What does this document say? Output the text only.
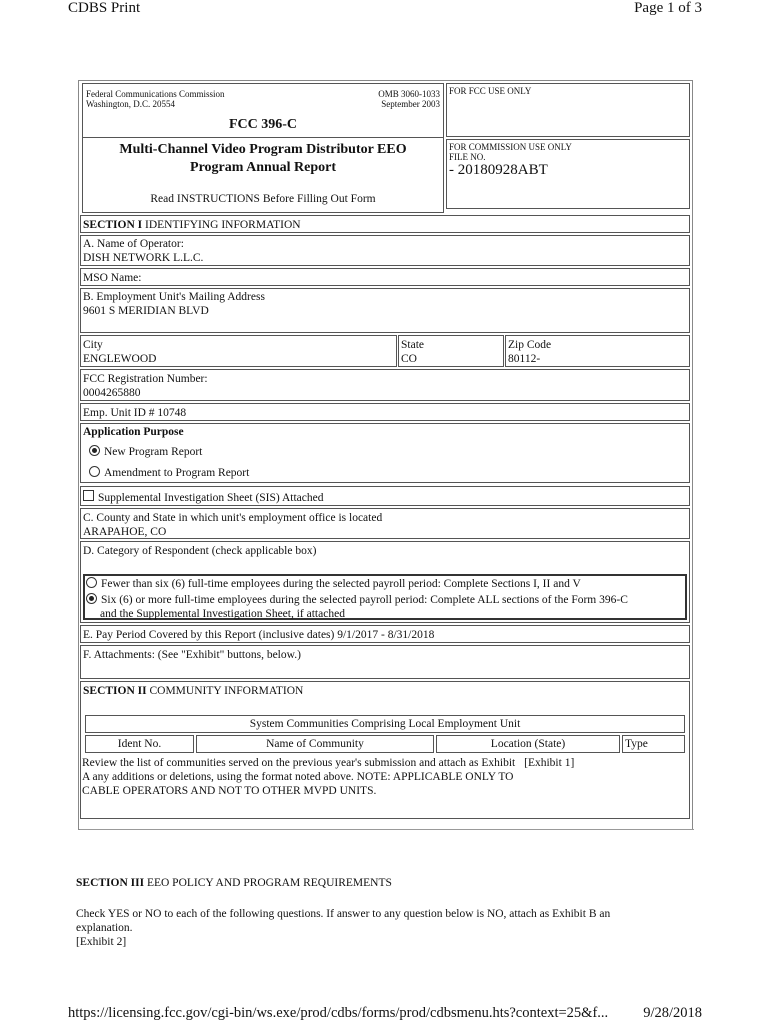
CDBS Print	Page 1 of 3
Federal Communications Commission
Washington, D.C. 20554
OMB 3060-1033
September 2003
FCC 396-C
Multi-Channel Video Program Distributor EEO
Program Annual Report
Read INSTRUCTIONS Before Filling Out Form
FOR FCC USE ONLY
FOR COMMISSION USE ONLY
FILE NO.
- 20180928ABT
SECTION I IDENTIFYING INFORMATION
A. Name of Operator:
DISH NETWORK L.L.C.
MSO Name:
B. Employment Unit's Mailing Address
9601 S MERIDIAN BLVD
City
ENGLEWOOD
State
CO
Zip Code
80112-
FCC Registration Number:
0004265880
Emp. Unit ID # 10748
Application Purpose
New Program Report
Amendment to Program Report
Supplemental Investigation Sheet (SIS) Attached
C. County and State in which unit's employment office is located
ARAPAHOE, CO
D. Category of Respondent (check applicable box)
Fewer than six (6) full-time employees during the selected payroll period: Complete Sections I, II and V
Six (6) or more full-time employees during the selected payroll period: Complete ALL sections of the Form 396-C
and the Supplemental Investigation Sheet, if attached
E. Pay Period Covered by this Report (inclusive dates) 9/1/2017 - 8/31/2018
F. Attachments: (See "Exhibit" buttons, below.)
SECTION II COMMUNITY INFORMATION
System Communities Comprising Local Employment Unit
Ident No.	Name of Community	Location (State)	Type
Review the list of communities served on the previous year's submission and attach as Exhibit [Exhibit 1]
A any additions or deletions, using the format noted above. NOTE: APPLICABLE ONLY TO
CABLE OPERATORS AND NOT TO OTHER MVPD UNITS.
SECTION III EEO POLICY AND PROGRAM REQUIREMENTS
Check YES or NO to each of the following questions. If answer to any question below is NO, attach as Exhibit B an
explanation.
[Exhibit 2]
https://licensing.fcc.gov/cgi-bin/ws.exe/prod/cdbs/forms/prod/cdbsmenu.hts?context=25&f... 9/28/2018
